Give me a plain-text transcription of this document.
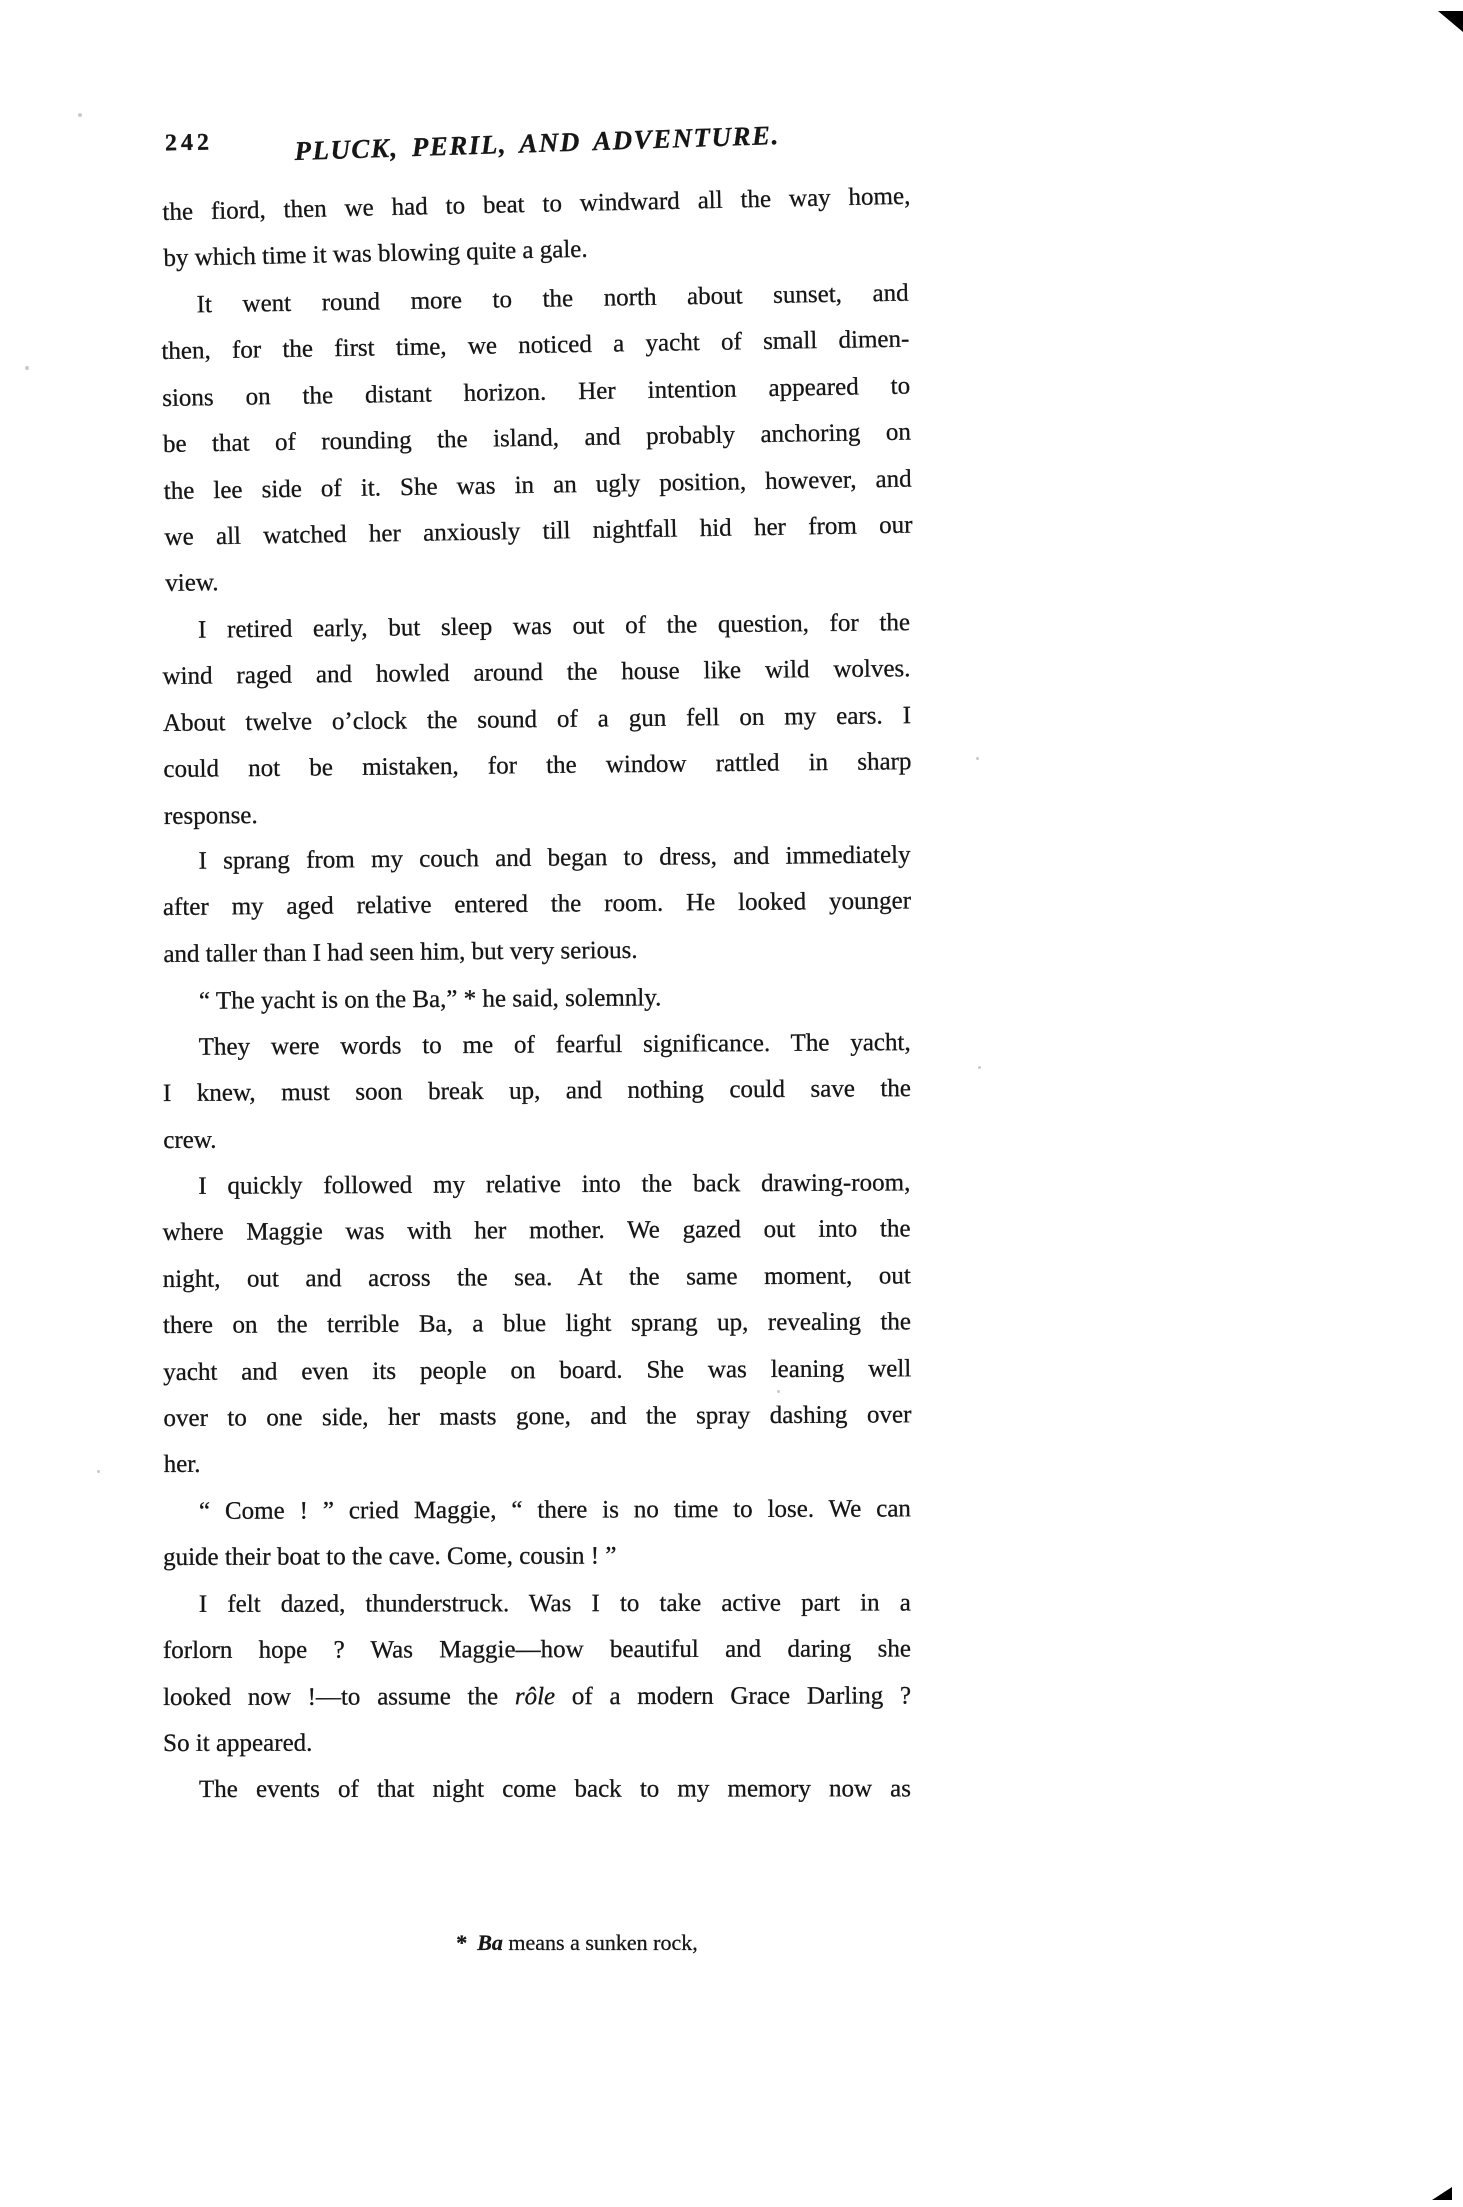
242	PLUCK, PERIL, AND ADVENTURE.
the fiord, then we had to beat to windward all the way home,
by which time it was blowing quite a gale.
It went round more to the north about sunset, and
then, for the first time, we noticed a yacht of small dimen-
sions on the distant horizon. Her intention appeared to
be that of rounding the island, and probably anchoring on
the lee side of it. She was in an ugly position, however, and
we all watched her anxiously till nightfall hid her from our
view.
I retired early, but sleep was out of the question, for the
wind raged and howled around the house like wild wolves.
About twelve o’clock the sound of a gun fell on my ears. I
could not be mistaken, for the window rattled in sharp
response.
I sprang from my couch and began to dress, and immediately
after my aged relative entered the room. He looked younger
and taller than I had seen him, but very serious.
“ The yacht is on the Ba,” * he said, solemnly.
They were words to me of fearful significance. The yacht,
I knew, must soon break up, and nothing could save the
crew.
I quickly followed my relative into the back drawing-room,
where Maggie was with her mother. We gazed out into the
night, out and across the sea. At the same moment, out
there on the terrible Ba, a blue light sprang up, revealing the
yacht and even its people on board. She was leaning well
over to one side, her masts gone, and the spray dashing over
her.
“ Come ! ” cried Maggie, “ there is no time to lose. We can
guide their boat to the cave. Come, cousin ! ”
I felt dazed, thunderstruck. Was I to take active part in a
forlorn hope ? Was Maggie—how beautiful and daring she
looked now !—to assume the rôle of a modern Grace Darling ?
So it appeared.
The events of that night come back to my memory now as
* Ba means a sunken rock,
